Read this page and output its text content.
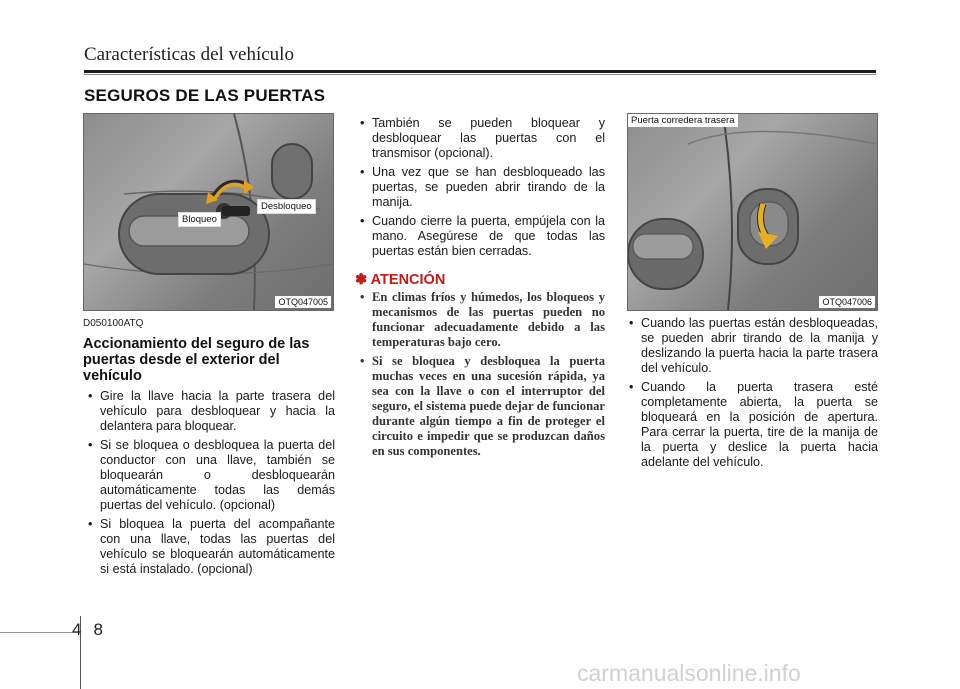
Características del vehículo
SEGUROS DE LAS PUERTAS
Bloqueo
Desbloqueo
OTQ047005
Puerta corredera trasera
OTQ047006
D050100ATQ
Accionamiento del seguro de las puertas desde el exterior del vehículo
• Gire la llave hacia la parte trasera del vehículo para desbloquear y hacia la delantera para bloquear.
• Si se bloquea o desbloquea la puerta del conductor con una llave, también se bloquearán o desbloquearán automáticamente todas las demás puertas del vehículo. (opcional)
• Si bloquea la puerta del acompañante con una llave, todas las puertas del vehículo se bloquearán automáticamente si está instalado. (opcional)
• También se pueden bloquear y desbloquear las puertas con el transmisor (opcional).
• Una vez que se han desbloqueado las puertas, se pueden abrir tirando de la manija.
• Cuando cierre la puerta, empújela con la mano. Asegúrese de que todas las puertas están bien cerradas.
✽ ATENCIÓN
• En climas fríos y húmedos, los bloqueos y mecanismos de las puertas pueden no funcionar adecuadamente debido a las temperaturas bajo cero.
• Si se bloquea y desbloquea la puerta muchas veces en una sucesión rápida, ya sea con la llave o con el interruptor del seguro, el sistema puede dejar de funcionar durante algún tiempo a fin de proteger el circuito e impedir que se produzcan daños en sus componentes.
• Cuando las puertas están desbloqueadas, se pueden abrir tirando de la manija y deslizando la puerta hacia la parte trasera del vehículo.
• Cuando la puerta trasera esté completamente abierta, la puerta se bloqueará en la posición de apertura. Para cerrar la puerta, tire de la manija de la puerta y deslice la puerta hacia adelante del vehículo.
4 8
carmanualsonline.info
